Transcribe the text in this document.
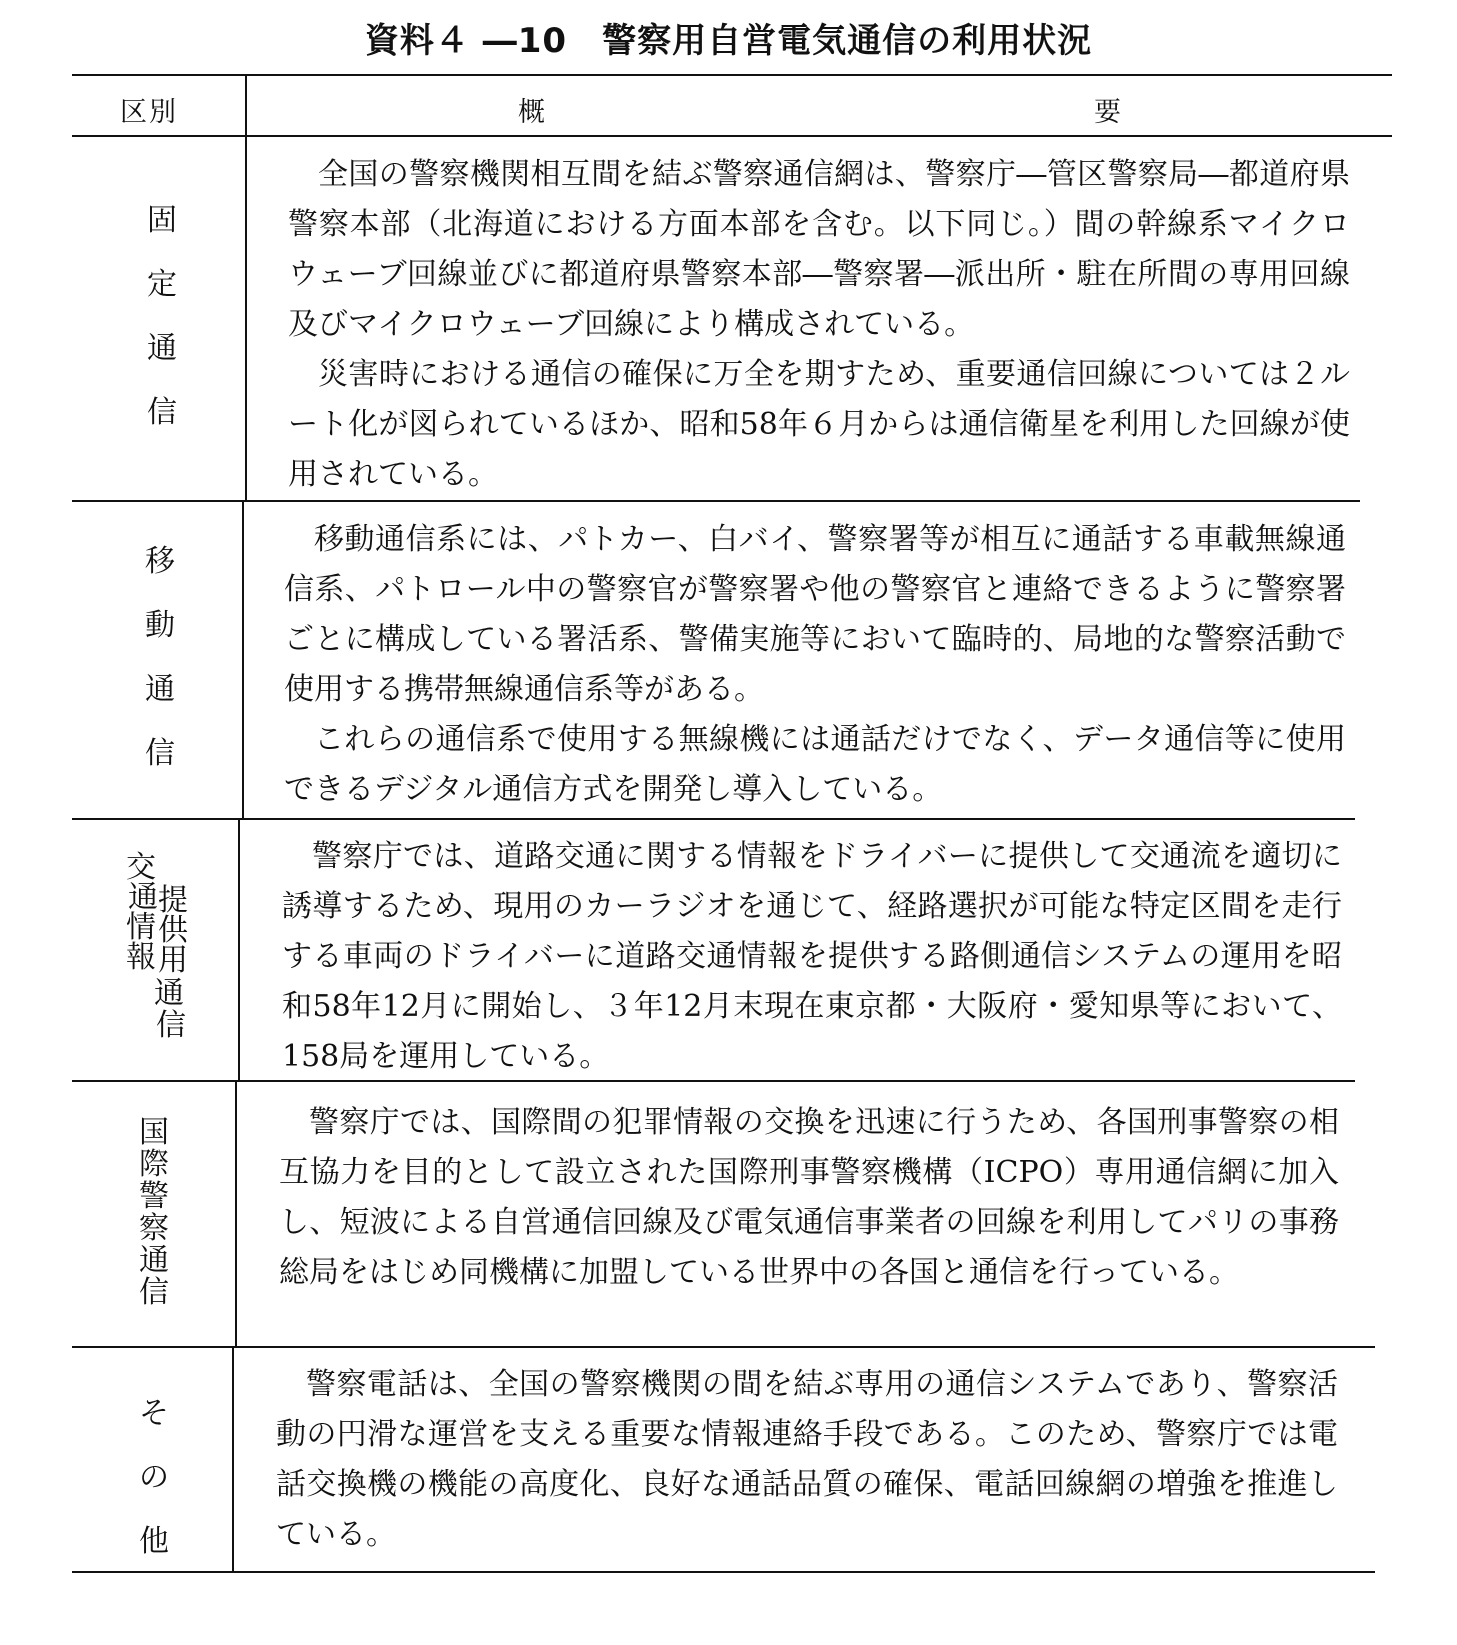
資料４ ―10　警察用自営電気通信の利用状況
区別	概	要
固
定
通
信

全国の警察機関相互間を結ぶ警察通信網は、警察庁―管区警察局―都道府県警察本部（北海道における方面本部を含む。以下同じ。）間の幹線系マイクロウェーブ回線並びに都道府県警察本部―警察署―派出所・駐在所間の専用回線及びマイクロウェーブ回線により構成されている。

災害時における通信の確保に万全を期すため、重要通信回線については２ルート化が図られているほか、昭和58年６月からは通信衛星を利用した回線が使用されている。

移
動
通
信

移動通信系には、パトカー、白バイ、警察署等が相互に通話する車載無線通信系、パトロール中の警察官が警察署や他の警察官と連絡できるように警察署ごとに構成している署活系、警備実施等において臨時的、局地的な警察活動で使用する携帯無線通信系等がある。

これらの通信系で使用する無線機には通話だけでなく、データ通信等に使用できるデジタル通信方式を開発し導入している。

交
通
情
報
提
供
用
通
信

警察庁では、道路交通に関する情報をドライバーに提供して交通流を適切に誘導するため、現用のカーラジオを通じて、経路選択が可能な特定区間を走行する車両のドライバーに道路交通情報を提供する路側通信システムの運用を昭和58年12月に開始し、３年12月末現在東京都・大阪府・愛知県等において、158局を運用している。

国
際
警
察
通
信

警察庁では、国際間の犯罪情報の交換を迅速に行うため、各国刑事警察の相互協力を目的として設立された国際刑事警察機構（ICPO）専用通信網に加入し、短波による自営通信回線及び電気通信事業者の回線を利用してパリの事務総局をはじめ同機構に加盟している世界中の各国と通信を行っている。

そ
の
他

警察電話は、全国の警察機関の間を結ぶ専用の通信システムであり、警察活動の円滑な運営を支える重要な情報連絡手段である。このため、警察庁では電話交換機の機能の高度化、良好な通話品質の確保、電話回線網の増強を推進している。
